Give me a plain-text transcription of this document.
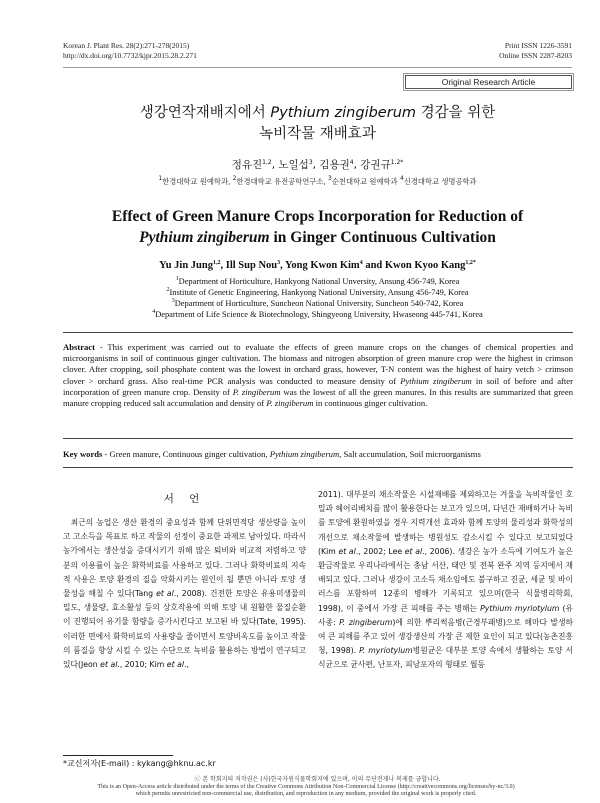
Korean J. Plant Res. 28(2):271-278(2015)
http://dx.doi.org/10.7732/kjpr.2015.28.2.271
Print ISSN 1226-3591
Online ISSN 2287-8203
Original Research Article
생강연작재배지에서 Pythium zingiberum 경감을 위한
녹비작물 재배효과
정유진$^{1,2}$, 노일섭$^3$, 김용권$^4$, 강권규$^{1,2*}$
$^1$한경대학교 원예학과, $^2$한경대학교 유전공학연구소, $^3$순천대학교 원예학과 $^4$신경대학교 생명공학과
Effect of Green Manure Crops Incorporation for Reduction of
Pythium zingiberum in Ginger Continuous Cultivation
Yu Jin Jung$^{1,2}$, Ill Sup Nou$^3$, Yong Kwon Kim$^4$ and Kwon Kyoo Kang$^{1,2*}$
$^1$Department of Horticulture, Hankyong National Unversity, Ansung 456-749, Korea
$^2$Institute of Genetic Engineering, Hankyong National University, Ansung 456-749, Korea
$^3$Department of Horticulture, Suncheon National University, Suncheon 540-742, Korea
$^4$Department of Life Science & Biotechnology, Shingyeong University, Hwaseong 445-741, Korea
Abstract - This experiment was carried out to evaluate the effects of green manure crops on the changes of chemical properties and microorganisms in soil of continuous ginger cultivation. The biomass and nitrogen absorption of green manure crop were the highest in crimson clover. After cropping, soil phosphate content was the lowest in orchard grass, however, T-N content was the highest of hairy vetch > crimson clover > orchard grass. Also real-time PCR analysis was conducted to measure density of Pythium zingiberum in soil of before and after incorporation of green manure crop. Density of P. zingiberum was the lowest of all the green manures. In this results are summarized that green manure cropping reduced salt accumulation and density of P. zingiberum in continuous ginger cultivation.
Key words - Green manure, Continuous ginger cultivation, Pythium zingiberum, Salt accumulation, Soil microorganisms
서 언

 최근의 농업은 생산 환경의 중요성과 함께 단위면적당 생산량을 높이고 고소득을 목표로 하고 작물의 선정이 중요한 과제로 남아있다. 따라서 농가에서는 생산성을 증대시키기 위해 많은 퇴비와 비교적 저렴하고 양분의 이용률이 높은 화학비료를 사용하고 있다. 그러나 화학비료의 지속적 사용은 토양 환경의 질을 악화시키는 원인이 될 뿐만 아니라 토양 생물성을 해칠 수 있다(Tang et al., 2008). 건전한 토양은 유용미생물의 밀도, 생물량, 효소활성 등의 상호작용에 의해 토양 내 원활한 물질순환이 진행되어 유기물 함량을 증가시킨다고 보고된 바 있다(Tate, 1995). 이러한 면에서 화학비료의 사용량을 줄이면서 토양비옥도를 높이고 작물의 품질을 향상 시킬 수 있는 수단으로 녹비를 활용하는 방법이 연구되고 있다(Jeon et al., 2010; Kim et al.,

2011). 대부분의 채소작물은 시설재배를 제외하고는 겨울을 녹비작물인 호밀과 헤어리베치를 많이 활용한다는 보고가 있으며, 다년간 재배하거나 녹비를 토양에 환원하였을 경우 지력개선 효과와 함께 토양의 물리성과 화학성의 개선으로 채소작물에 발생하는 병원성도 감소시킬 수 있다고 보고되었다(Kim et al., 2002; Lee et al., 2006). 생강은 농가 소득에 기여도가 높은 환금작물로 우리나라에서는 충남 서산, 태안 및 전북 완주 지역 등지에서 재배되고 있다. 그러나 생강이 고소득 채소임에도 불구하고 진균, 세균 및 바이러스를 포함하여 12종의 병해가 기록되고 있으며(한국 식물병리학회, 1998), 이 중에서 가장 큰 피해를 주는 병해는 Pythium myriotylum (유사종: P. zingiberum)에 의한 뿌리썩음병(근경부패병)으로 해마다 발생하여 큰 피해를 주고 있어 생강생산의 가장 큰 제한 요인이 되고 있다(농촌진흥청, 1998). P. myriotylum병원균은 대부분 토양 속에서 생활하는 토양 서식균으로 균사편, 난포자, 피낭포자의 형태로 월동

*교신저자(E-mail) : kykang@hknu.ac.kr
ⓒ 본 학회지의 저작권은 (사)한국자원식물학회지에 있으며, 이의 무단전재나 복제를 금합니다.
This is an Open-Access article distributed under the terms of the Creative Commons Attribution Non-Commercial License (http://creativecommons.org/licenses/by-nc/3.0)
which permits unrestricted non-commercial use, distribution, and reproduction in any medium, provided the original work is properly cited.
